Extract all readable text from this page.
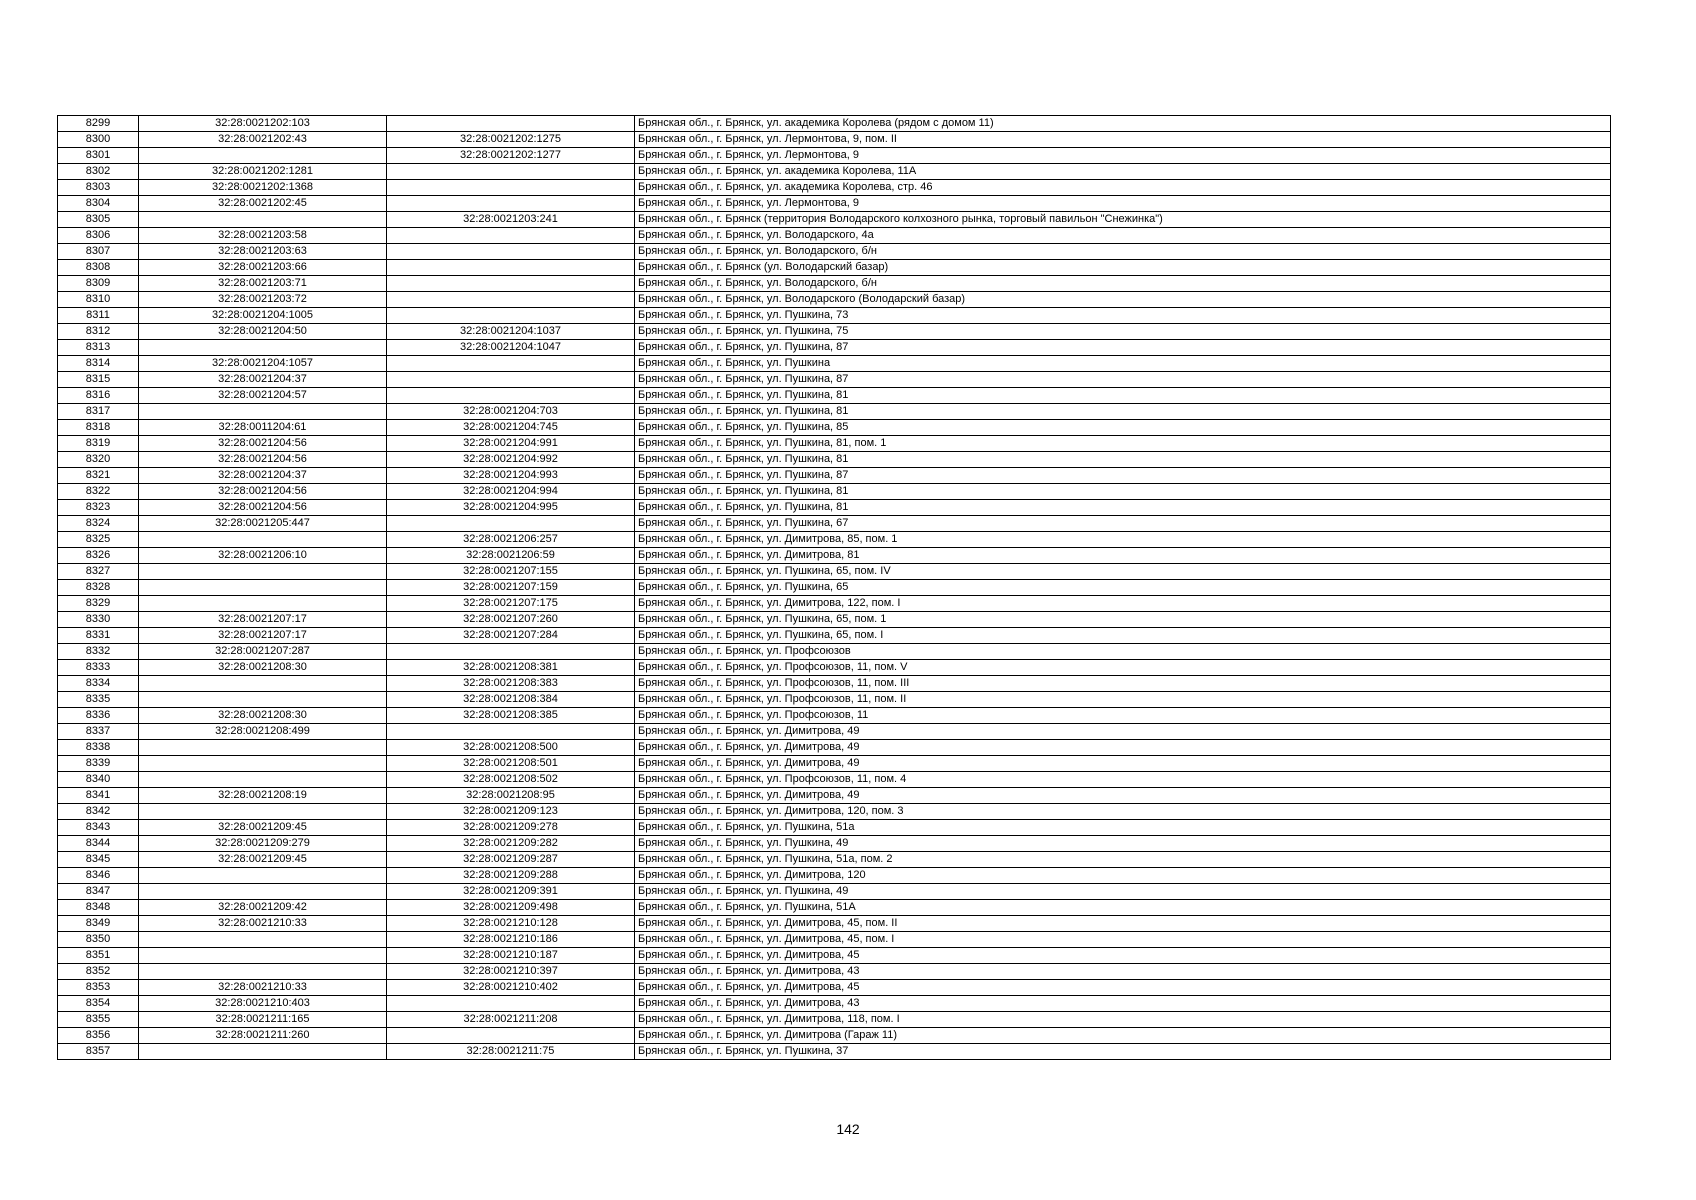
8299	32:28:0021202:103		Брянская обл., г. Брянск, ул. академика Королева (рядом с домом 11)
8300	32:28:0021202:43	32:28:0021202:1275	Брянская обл., г. Брянск, ул. Лермонтова, 9, пом. II
8301		32:28:0021202:1277	Брянская обл., г. Брянск, ул. Лермонтова, 9
8302	32:28:0021202:1281		Брянская обл., г. Брянск, ул. академика Королева, 11А
8303	32:28:0021202:1368		Брянская обл., г. Брянск, ул. академика Королева, стр. 46
8304	32:28:0021202:45		Брянская обл., г. Брянск, ул. Лермонтова, 9
8305		32:28:0021203:241	Брянская обл., г. Брянск (территория Володарского колхозного рынка, торговый павильон "Снежинка")
8306	32:28:0021203:58		Брянская обл., г. Брянск, ул. Володарского, 4а
8307	32:28:0021203:63		Брянская обл., г. Брянск, ул. Володарского, б/н
8308	32:28:0021203:66		Брянская обл., г. Брянск (ул. Володарский базар)
8309	32:28:0021203:71		Брянская обл., г. Брянск, ул. Володарского, б/н
8310	32:28:0021203:72		Брянская обл., г. Брянск, ул. Володарского (Володарский базар)
8311	32:28:0021204:1005		Брянская обл., г. Брянск, ул. Пушкина, 73
8312	32:28:0021204:50	32:28:0021204:1037	Брянская обл., г. Брянск, ул. Пушкина, 75
8313		32:28:0021204:1047	Брянская обл., г. Брянск, ул. Пушкина, 87
8314	32:28:0021204:1057		Брянская обл., г. Брянск, ул. Пушкина
8315	32:28:0021204:37		Брянская обл., г. Брянск, ул. Пушкина, 87
8316	32:28:0021204:57		Брянская обл., г. Брянск, ул. Пушкина, 81
8317		32:28:0021204:703	Брянская обл., г. Брянск, ул. Пушкина, 81
8318	32:28:0011204:61	32:28:0021204:745	Брянская обл., г. Брянск, ул. Пушкина, 85
8319	32:28:0021204:56	32:28:0021204:991	Брянская обл., г. Брянск, ул. Пушкина, 81, пом. 1
8320	32:28:0021204:56	32:28:0021204:992	Брянская обл., г. Брянск, ул. Пушкина, 81
8321	32:28:0021204:37	32:28:0021204:993	Брянская обл., г. Брянск, ул. Пушкина, 87
8322	32:28:0021204:56	32:28:0021204:994	Брянская обл., г. Брянск, ул. Пушкина, 81
8323	32:28:0021204:56	32:28:0021204:995	Брянская обл., г. Брянск, ул. Пушкина, 81
8324	32:28:0021205:447		Брянская обл., г. Брянск, ул. Пушкина, 67
8325		32:28:0021206:257	Брянская обл., г. Брянск, ул. Димитрова, 85, пом. 1
8326	32:28:0021206:10	32:28:0021206:59	Брянская обл., г. Брянск, ул. Димитрова, 81
8327		32:28:0021207:155	Брянская обл., г. Брянск, ул. Пушкина, 65, пом. IV
8328		32:28:0021207:159	Брянская обл., г. Брянск, ул. Пушкина, 65
8329		32:28:0021207:175	Брянская обл., г. Брянск, ул. Димитрова, 122, пом. I
8330	32:28:0021207:17	32:28:0021207:260	Брянская обл., г. Брянск, ул. Пушкина, 65, пом. 1
8331	32:28:0021207:17	32:28:0021207:284	Брянская обл., г. Брянск, ул. Пушкина, 65, пом. I
8332	32:28:0021207:287		Брянская обл., г. Брянск, ул. Профсоюзов
8333	32:28:0021208:30	32:28:0021208:381	Брянская обл., г. Брянск, ул. Профсоюзов, 11, пом. V
8334		32:28:0021208:383	Брянская обл., г. Брянск, ул. Профсоюзов, 11, пом. III
8335		32:28:0021208:384	Брянская обл., г. Брянск, ул. Профсоюзов, 11, пом. II
8336	32:28:0021208:30	32:28:0021208:385	Брянская обл., г. Брянск, ул. Профсоюзов, 11
8337	32:28:0021208:499		Брянская обл., г. Брянск, ул. Димитрова, 49
8338		32:28:0021208:500	Брянская обл., г. Брянск, ул. Димитрова, 49
8339		32:28:0021208:501	Брянская обл., г. Брянск, ул. Димитрова, 49
8340		32:28:0021208:502	Брянская обл., г. Брянск, ул. Профсоюзов, 11, пом. 4
8341	32:28:0021208:19	32:28:0021208:95	Брянская обл., г. Брянск, ул. Димитрова, 49
8342		32:28:0021209:123	Брянская обл., г. Брянск, ул. Димитрова, 120, пом. 3
8343	32:28:0021209:45	32:28:0021209:278	Брянская обл., г. Брянск, ул. Пушкина, 51а
8344	32:28:0021209:279	32:28:0021209:282	Брянская обл., г. Брянск, ул. Пушкина, 49
8345	32:28:0021209:45	32:28:0021209:287	Брянская обл., г. Брянск, ул. Пушкина, 51а, пом. 2
8346		32:28:0021209:288	Брянская обл., г. Брянск, ул. Димитрова, 120
8347		32:28:0021209:391	Брянская обл., г. Брянск, ул. Пушкина, 49
8348	32:28:0021209:42	32:28:0021209:498	Брянская обл., г. Брянск, ул. Пушкина, 51А
8349	32:28:0021210:33	32:28:0021210:128	Брянская обл., г. Брянск, ул. Димитрова, 45, пом. II
8350		32:28:0021210:186	Брянская обл., г. Брянск, ул. Димитрова, 45, пом. I
8351		32:28:0021210:187	Брянская обл., г. Брянск, ул. Димитрова, 45
8352		32:28:0021210:397	Брянская обл., г. Брянск, ул. Димитрова, 43
8353	32:28:0021210:33	32:28:0021210:402	Брянская обл., г. Брянск, ул. Димитрова, 45
8354	32:28:0021210:403		Брянская обл., г. Брянск, ул. Димитрова, 43
8355	32:28:0021211:165	32:28:0021211:208	Брянская обл., г. Брянск, ул. Димитрова, 118, пом. I
8356	32:28:0021211:260		Брянская обл., г. Брянск, ул. Димитрова (Гараж 11)
8357		32:28:0021211:75	Брянская обл., г. Брянск, ул. Пушкина, 37
142
